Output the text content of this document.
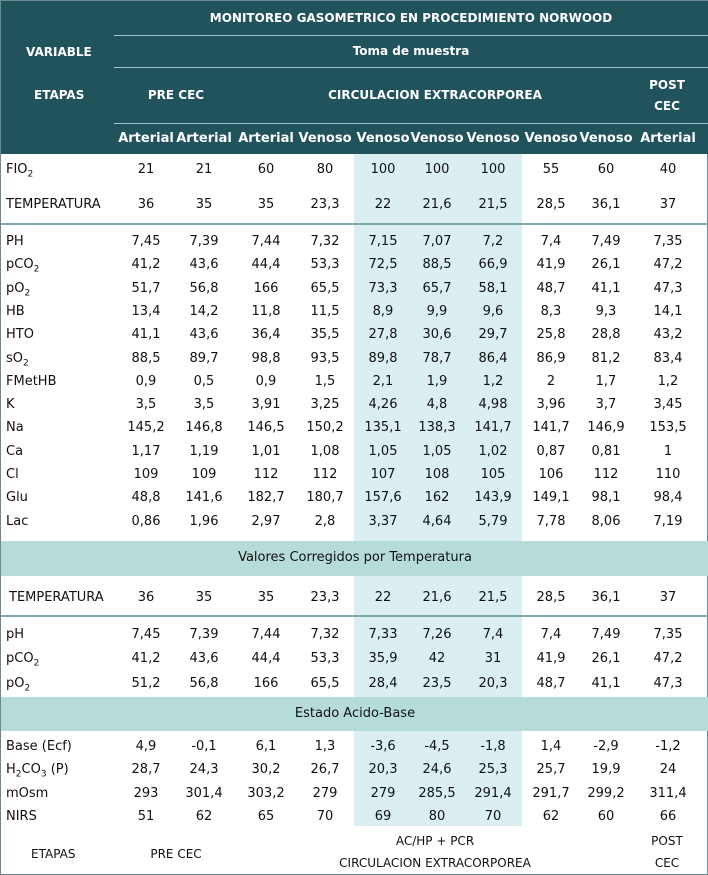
MONITOREO GASOMETRICO EN PROCEDIMIENTO NORWOOD
VARIABLE	Toma de muestra
ETAPAS	PRE CEC	CIRCULACION EXTRACORPOREA
POST
CEC
Arterial Arterial Arterial Venoso Venoso Venoso Venoso Venoso Venoso Arterial
$FIO_2$	21	21	60	80	100 100 100	55	60	40
TEMPERATURA	36	35	35	23,3	22 21,6 21,5 28,5 36,1	37
PH	7,45 7,39	7,44 7,32 7,15 7,07 7,2	7,4 7,49	7,35
pCO$_2$	41,2 43,6	44,4 53,3 72,5 88,5 66,9 41,9 26,1	47,2
$pO_2$	51,7 56,8	166 65,5 73,3 65,7 58,1 48,7 41,1	47,3
HB	13,4 14,2	11,8 11,5	8,9	9,9	9,6	8,3	9,3	14,1
HTO	41,1 43,6	36,4 35,5 27,8 30,6 29,7 25,8 28,8	43,2
$sO_2$	88,5 89,7	98,8 93,5 89,8 78,7 86,4 86,9 81,2	83,4
FMetHB	0,9	0,5	0,9	1,5	2,1	1,9	1,2	2	1,7	1,2
K	3,5	3,5	3,91 3,25 4,26 4,8 4,98 3,96 3,7	3,45
Na	145,2 146,8 146,5 150,2 135,1 138,3 141,7 141,7 146,9 153,5
Ca	1,17 1,19	1,01 1,08 1,05 1,05 1,02 0,87 0,81	1
Cl	109	109	112	112	107 108 105	106 112	110
Glu	48,8 141,6 182,7 180,7 157,6 162 143,9 149,1 98,1	98,4
Lac	0,86 1,96	2,97	2,8	3,37 4,64 5,79 7,78 8,06	7,19
Valores Corregidos por Temperatura
TEMPERATURA	36	35	35	23,3	22 21,6 21,5 28,5 36,1	37
pH	7,45 7,39	7,44 7,32 7,33 7,26 7,4	7,4 7,49	7,35
pCO$_2$	41,2 43,6	44,4 53,3 35,9 42	31	41,9 26,1	47,2
$pO_2$	51,2 56,8	166 65,5 28,4 23,5 20,3 48,7 41,1	47,3
Estado Acido-Base
Base (Ecf)	4,9	-0,1	6,1	1,3	-3,6 -4,5 -1,8	1,4 -2,9	-1,2
$H_2CO_3$ (P)	28,7 24,3	30,2 26,7 20,3 24,6 25,3 25,7 19,9	24
mOsm	293 301,4 303,2 279	279 285,5 291,4 291,7 299,2 311,4
NIRS	51	62	65	70	69	80	70	62	60	66
ETAPAS	PRE CEC
AC/HP + PCR
CIRCULACION EXTRACORPOREA
POST
CEC
